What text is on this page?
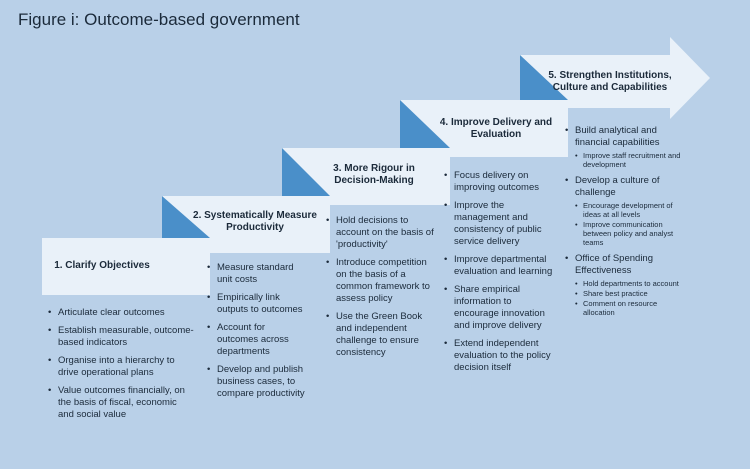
Figure i: Outcome-based government
1. Clarify Objectives
2. Systematically Measure Productivity
3. More Rigour in Decision-Making
4. Improve Delivery and Evaluation
5. Strengthen Institutions, Culture and Capabilities
• Articulate clear outcomes
• Establish measurable, outcome-based indicators
• Organise into a hierarchy to drive operational plans
• Value outcomes financially, on the basis of fiscal, economic and social value
• Measure standard unit costs
• Empirically link outputs to outcomes
• Account for outcomes across departments
• Develop and publish business cases, to compare productivity
• Hold decisions to account on the basis of 'productivity'
• Introduce competition on the basis of a common framework to assess policy
• Use the Green Book and independent challenge to ensure consistency
• Focus delivery on improving outcomes
• Improve the management and consistency of public service delivery
• Improve departmental evaluation and learning
• Share empirical information to encourage innovation and improve delivery
• Extend independent evaluation to the policy decision itself
• Build analytical and financial capabilities
• Improve staff recruitment and development
• Develop a culture of challenge
• Encourage development of ideas at all levels
• Improve communication between policy and analyst teams
• Office of Spending Effectiveness
• Hold departments to account
• Share best practice
• Comment on resource allocation
